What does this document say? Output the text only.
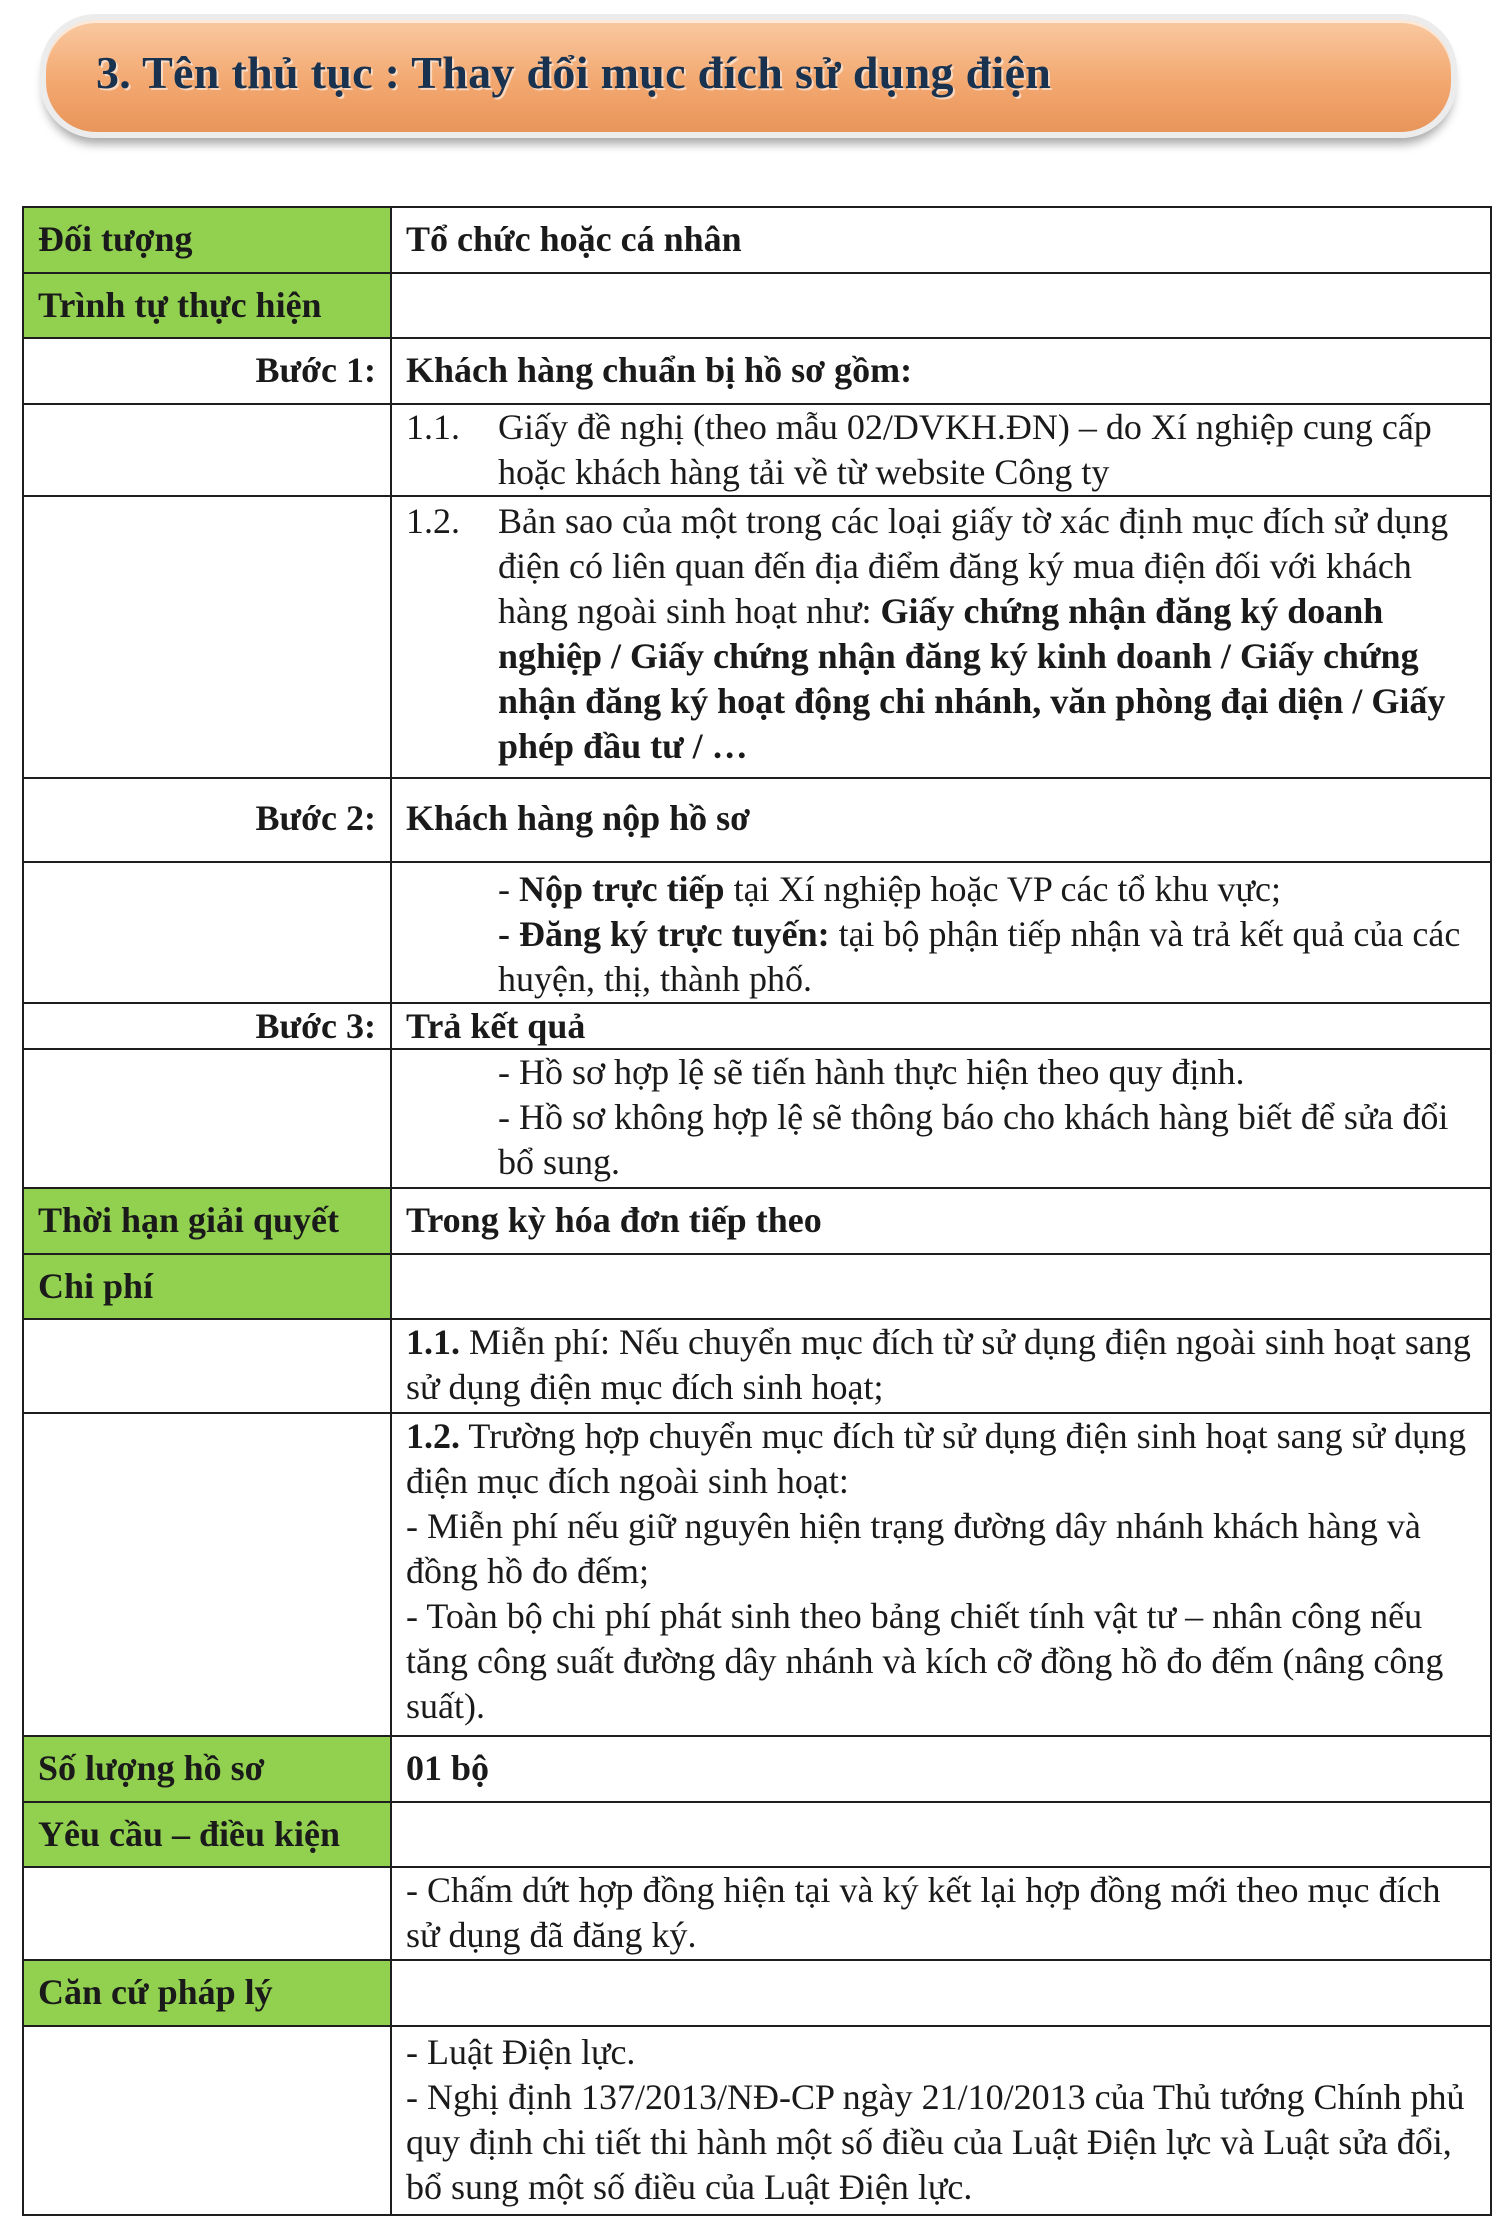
3. Tên thủ tục : Thay đổi mục đích sử dụng điện
Đối tượng	Tổ chức hoặc cá nhân
Trình tự thực hiện	
Bước 1:	Khách hàng chuẩn bị hồ sơ gồm:

	1.1. Giấy đề nghị (theo mẫu 02/DVKH.ĐN) – do Xí nghiệp cung cấp hoặc khách hàng tải về từ website Công ty

	1.2. Bản sao của một trong các loại giấy tờ xác định mục đích sử dụng điện có liên quan đến địa điểm đăng ký mua điện đối với khách hàng ngoài sinh hoạt như: Giấy chứng nhận đăng ký doanh nghiệp / Giấy chứng nhận đăng ký kinh doanh / Giấy chứng nhận đăng ký hoạt động chi nhánh, văn phòng đại diện / Giấy phép đầu tư / …

Bước 2:	Khách hàng nộp hồ sơ

	- Nộp trực tiếp tại Xí nghiệp hoặc VP các tổ khu vực;
- Đăng ký trực tuyến: tại bộ phận tiếp nhận và trả kết quả của các huyện, thị, thành phố.

Bước 3:	Trả kết quả

	- Hồ sơ hợp lệ sẽ tiến hành thực hiện theo quy định.
- Hồ sơ không hợp lệ sẽ thông báo cho khách hàng biết để sửa đổi bổ sung.

Thời hạn giải quyết	Trong kỳ hóa đơn tiếp theo
Chi phí	
	1.1. Miễn phí: Nếu chuyển mục đích từ sử dụng điện ngoài sinh hoạt sang sử dụng điện mục đích sinh hoạt;

	1.2. Trường hợp chuyển mục đích từ sử dụng điện sinh hoạt sang sử dụng điện mục đích ngoài sinh hoạt:
- Miễn phí nếu giữ nguyên hiện trạng đường dây nhánh khách hàng và đồng hồ đo đếm;
- Toàn bộ chi phí phát sinh theo bảng chiết tính vật tư – nhân công nếu tăng công suất đường dây nhánh và kích cỡ đồng hồ đo đếm (nâng công suất).

Số lượng hồ sơ	01 bộ
Yêu cầu – điều kiện	
	- Chấm dứt hợp đồng hiện tại và ký kết lại hợp đồng mới theo mục đích sử dụng đã đăng ký.
Căn cứ pháp lý	

	- Luật Điện lực.
- Nghị định 137/2013/NĐ-CP ngày 21/10/2013 của Thủ tướng Chính phủ quy định chi tiết thi hành một số điều của Luật Điện lực và Luật sửa đổi, bổ sung một số điều của Luật Điện lực.
